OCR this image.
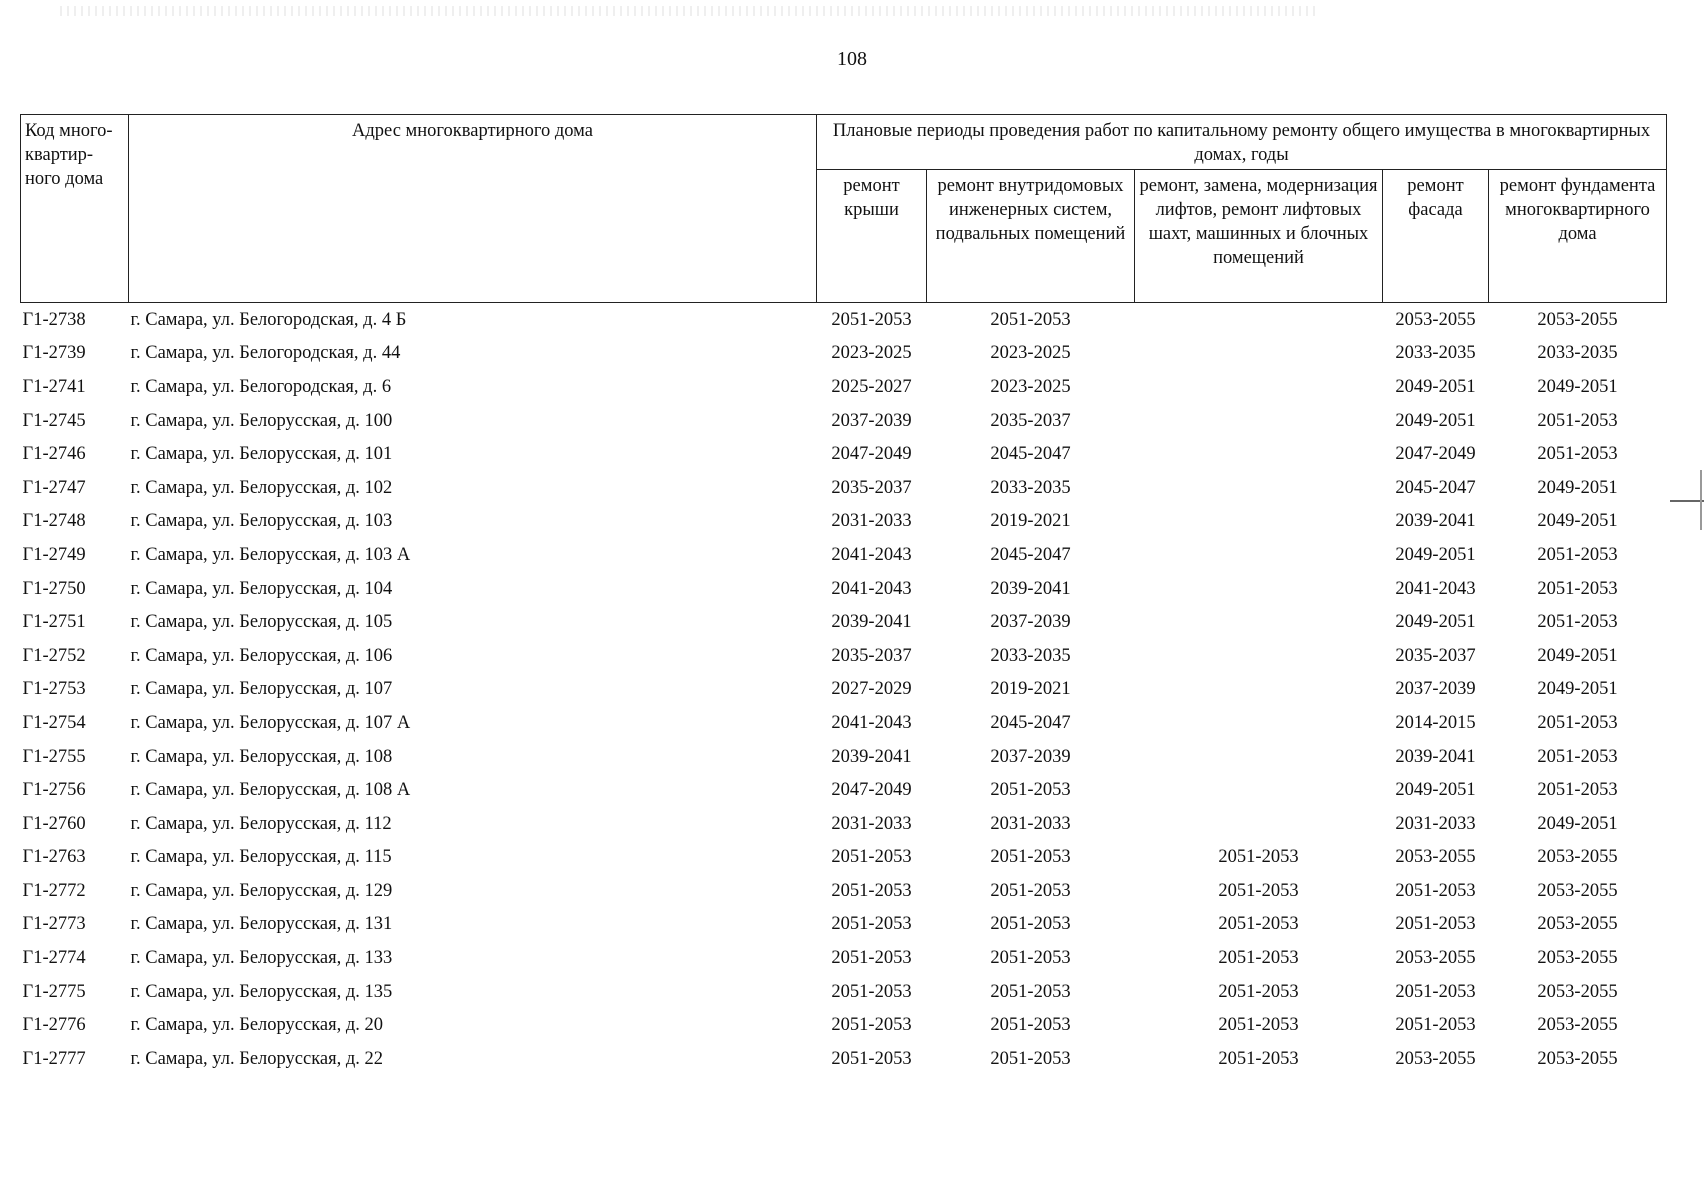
108
Код много-квартир-ного дома	Адрес многоквартирного дома	Плановые периоды проведения работ по капитальному ремонту общего имущества в многоквартирных домах, годы				
		ремонт крыши	ремонт внутридомовых инженерных систем, подвальных помещений	ремонт, замена, модернизация лифтов, ремонт лифтовых шахт, машинных и блочных помещений	ремонт фасада	ремонт фундамента многоквартирного дома
Г1-2738	г. Самара, ул. Белогородская, д. 4 Б	2051-2053	2051-2053		2053-2055	2053-2055
Г1-2739	г. Самара, ул. Белогородская, д. 44	2023-2025	2023-2025		2033-2035	2033-2035
Г1-2741	г. Самара, ул. Белогородская, д. 6	2025-2027	2023-2025		2049-2051	2049-2051
Г1-2745	г. Самара, ул. Белорусская, д. 100	2037-2039	2035-2037		2049-2051	2051-2053
Г1-2746	г. Самара, ул. Белорусская, д. 101	2047-2049	2045-2047		2047-2049	2051-2053
Г1-2747	г. Самара, ул. Белорусская, д. 102	2035-2037	2033-2035		2045-2047	2049-2051
Г1-2748	г. Самара, ул. Белорусская, д. 103	2031-2033	2019-2021		2039-2041	2049-2051
Г1-2749	г. Самара, ул. Белорусская, д. 103 А	2041-2043	2045-2047		2049-2051	2051-2053
Г1-2750	г. Самара, ул. Белорусская, д. 104	2041-2043	2039-2041		2041-2043	2051-2053
Г1-2751	г. Самара, ул. Белорусская, д. 105	2039-2041	2037-2039		2049-2051	2051-2053
Г1-2752	г. Самара, ул. Белорусская, д. 106	2035-2037	2033-2035		2035-2037	2049-2051
Г1-2753	г. Самара, ул. Белорусская, д. 107	2027-2029	2019-2021		2037-2039	2049-2051
Г1-2754	г. Самара, ул. Белорусская, д. 107 А	2041-2043	2045-2047		2014-2015	2051-2053
Г1-2755	г. Самара, ул. Белорусская, д. 108	2039-2041	2037-2039		2039-2041	2051-2053
Г1-2756	г. Самара, ул. Белорусская, д. 108 А	2047-2049	2051-2053		2049-2051	2051-2053
Г1-2760	г. Самара, ул. Белорусская, д. 112	2031-2033	2031-2033		2031-2033	2049-2051
Г1-2763	г. Самара, ул. Белорусская, д. 115	2051-2053	2051-2053	2051-2053	2053-2055	2053-2055
Г1-2772	г. Самара, ул. Белорусская, д. 129	2051-2053	2051-2053	2051-2053	2051-2053	2053-2055
Г1-2773	г. Самара, ул. Белорусская, д. 131	2051-2053	2051-2053	2051-2053	2051-2053	2053-2055
Г1-2774	г. Самара, ул. Белорусская, д. 133	2051-2053	2051-2053	2051-2053	2053-2055	2053-2055
Г1-2775	г. Самара, ул. Белорусская, д. 135	2051-2053	2051-2053	2051-2053	2051-2053	2053-2055
Г1-2776	г. Самара, ул. Белорусская, д. 20	2051-2053	2051-2053	2051-2053	2051-2053	2053-2055
Г1-2777	г. Самара, ул. Белорусская, д. 22	2051-2053	2051-2053	2051-2053	2053-2055	2053-2055
